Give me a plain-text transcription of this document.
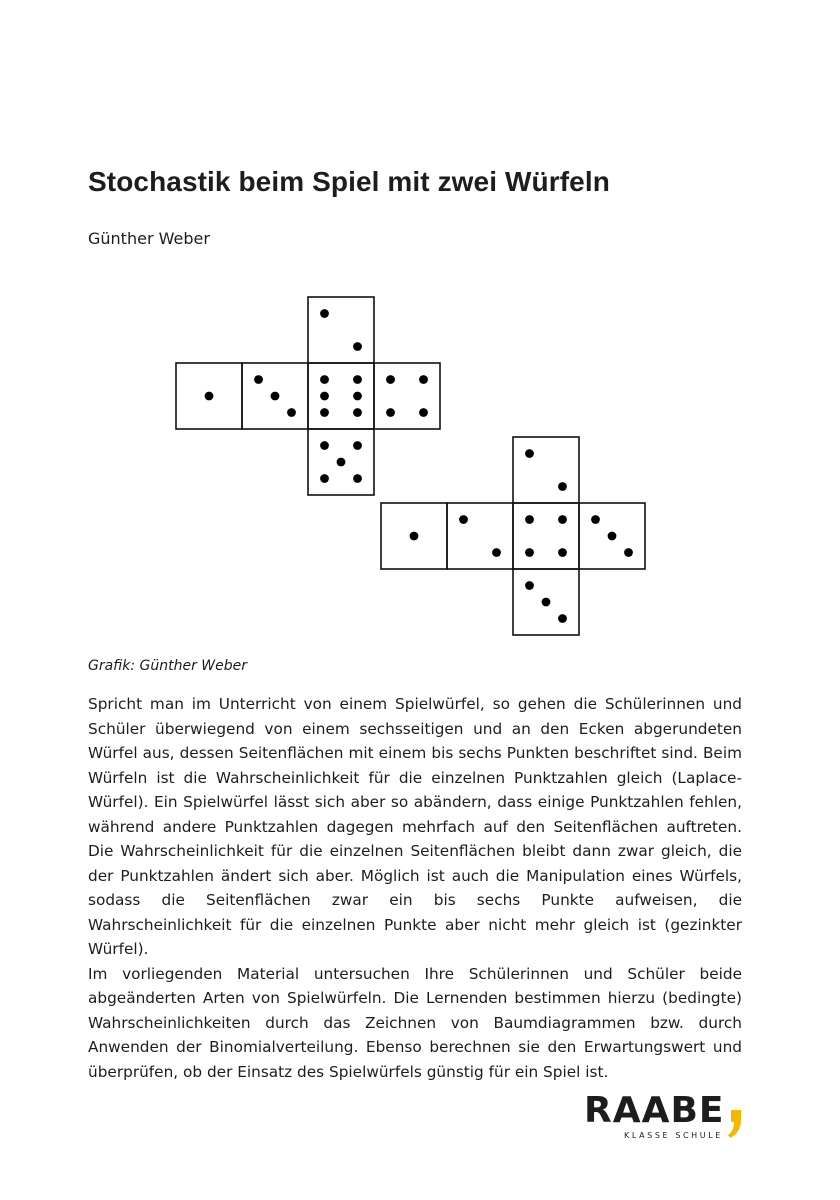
Stochastik beim Spiel mit zwei Würfeln
Günther Weber
Grafik: Günther Weber

Spricht man im Unterricht von einem Spielwürfel, so gehen die Schülerinnen und Schüler überwiegend von einem sechsseitigen und an den Ecken abgerundeten Würfel aus, dessen Seitenflächen mit einem bis sechs Punkten beschriftet sind. Beim Würfeln ist die Wahrscheinlichkeit für die einzelnen Punktzahlen gleich (Laplace-Würfel). Ein Spielwürfel lässt sich aber so abändern, dass einige Punktzahlen fehlen, während andere Punktzahlen dagegen mehrfach auf den Seitenflächen auftreten. Die Wahrscheinlichkeit für die einzelnen Seitenflächen bleibt dann zwar gleich, die der Punktzahlen ändert sich aber. Möglich ist auch die Manipulation eines Würfels, sodass die Seitenflächen zwar ein bis sechs Punkte aufweisen, die Wahrscheinlichkeit für die einzelnen Punkte aber nicht mehr gleich ist (gezinkter Würfel).

Im vorliegenden Material untersuchen Ihre Schülerinnen und Schüler beide abgeänderten Arten von Spielwürfeln. Die Lernenden bestimmen hierzu (bedingte) Wahrscheinlichkeiten durch das Zeichnen von Baumdiagrammen bzw. durch Anwenden der Binomialverteilung. Ebenso berechnen sie den Erwartungswert und überprüfen, ob der Einsatz des Spielwürfels günstig für ein Spiel ist.

RAABE
KLASSE SCHULE
